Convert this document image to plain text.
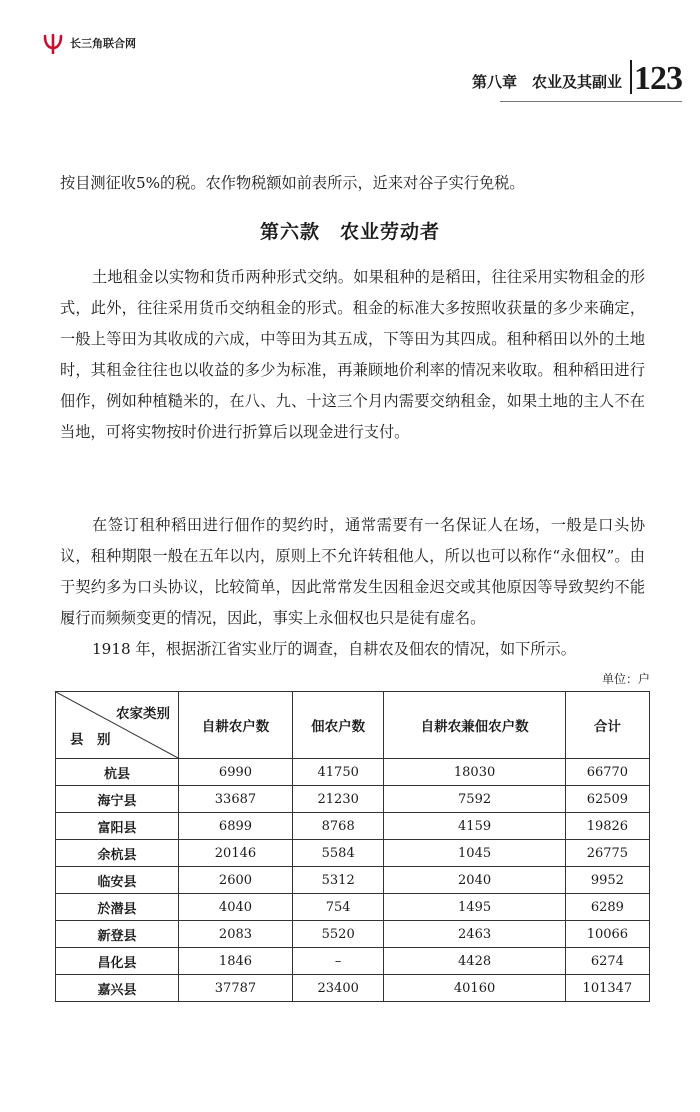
长三角联合网
第八章　农业及其副业 123

按目测征收5%的税。农作物税额如前表所示，近来对谷子实行免税。

第六款　农业劳动者

土地租金以实物和货币两种形式交纳。如果租种的是稻田，往往采用实物租金的形式，此外，往往采用货币交纳租金的形式。租金的标准大多按照收获量的多少来确定，一般上等田为其收成的六成，中等田为其五成，下等田为其四成。租种稻田以外的土地时，其租金往往也以收益的多少为标准，再兼顾地价利率的情况来收取。租种稻田进行佃作，例如种植糙米的，在八、九、十这三个月内需要交纳租金，如果土地的主人不在当地，可将实物按时价进行折算后以现金进行支付。

在签订租种稻田进行佃作的契约时，通常需要有一名保证人在场，一般是口头协议，租种期限一般在五年以内，原则上不允许转租他人，所以也可以称作“永佃权”。由于契约多为口头协议，比较简单，因此常常发生因租金迟交或其他原因等导致契约不能履行而频频变更的情况，因此，事实上永佃权也只是徒有虚名。

1918 年，根据浙江省实业厅的调查，自耕农及佃农的情况，如下所示。

单位：户
农家类别
县　别	自耕农户数	佃农户数	自耕农兼佃农户数	合计
杭县	6990	41750	18030	66770
海宁县	33687	21230	7592	62509
富阳县	6899	8768	4159	19826
余杭县	20146	5584	1045	26775
临安县	2600	5312	2040	9952
於潜县	4040	754	1495	6289
新登县	2083	5520	2463	10066
昌化县	1846	–	4428	6274
嘉兴县	37787	23400	40160	101347
